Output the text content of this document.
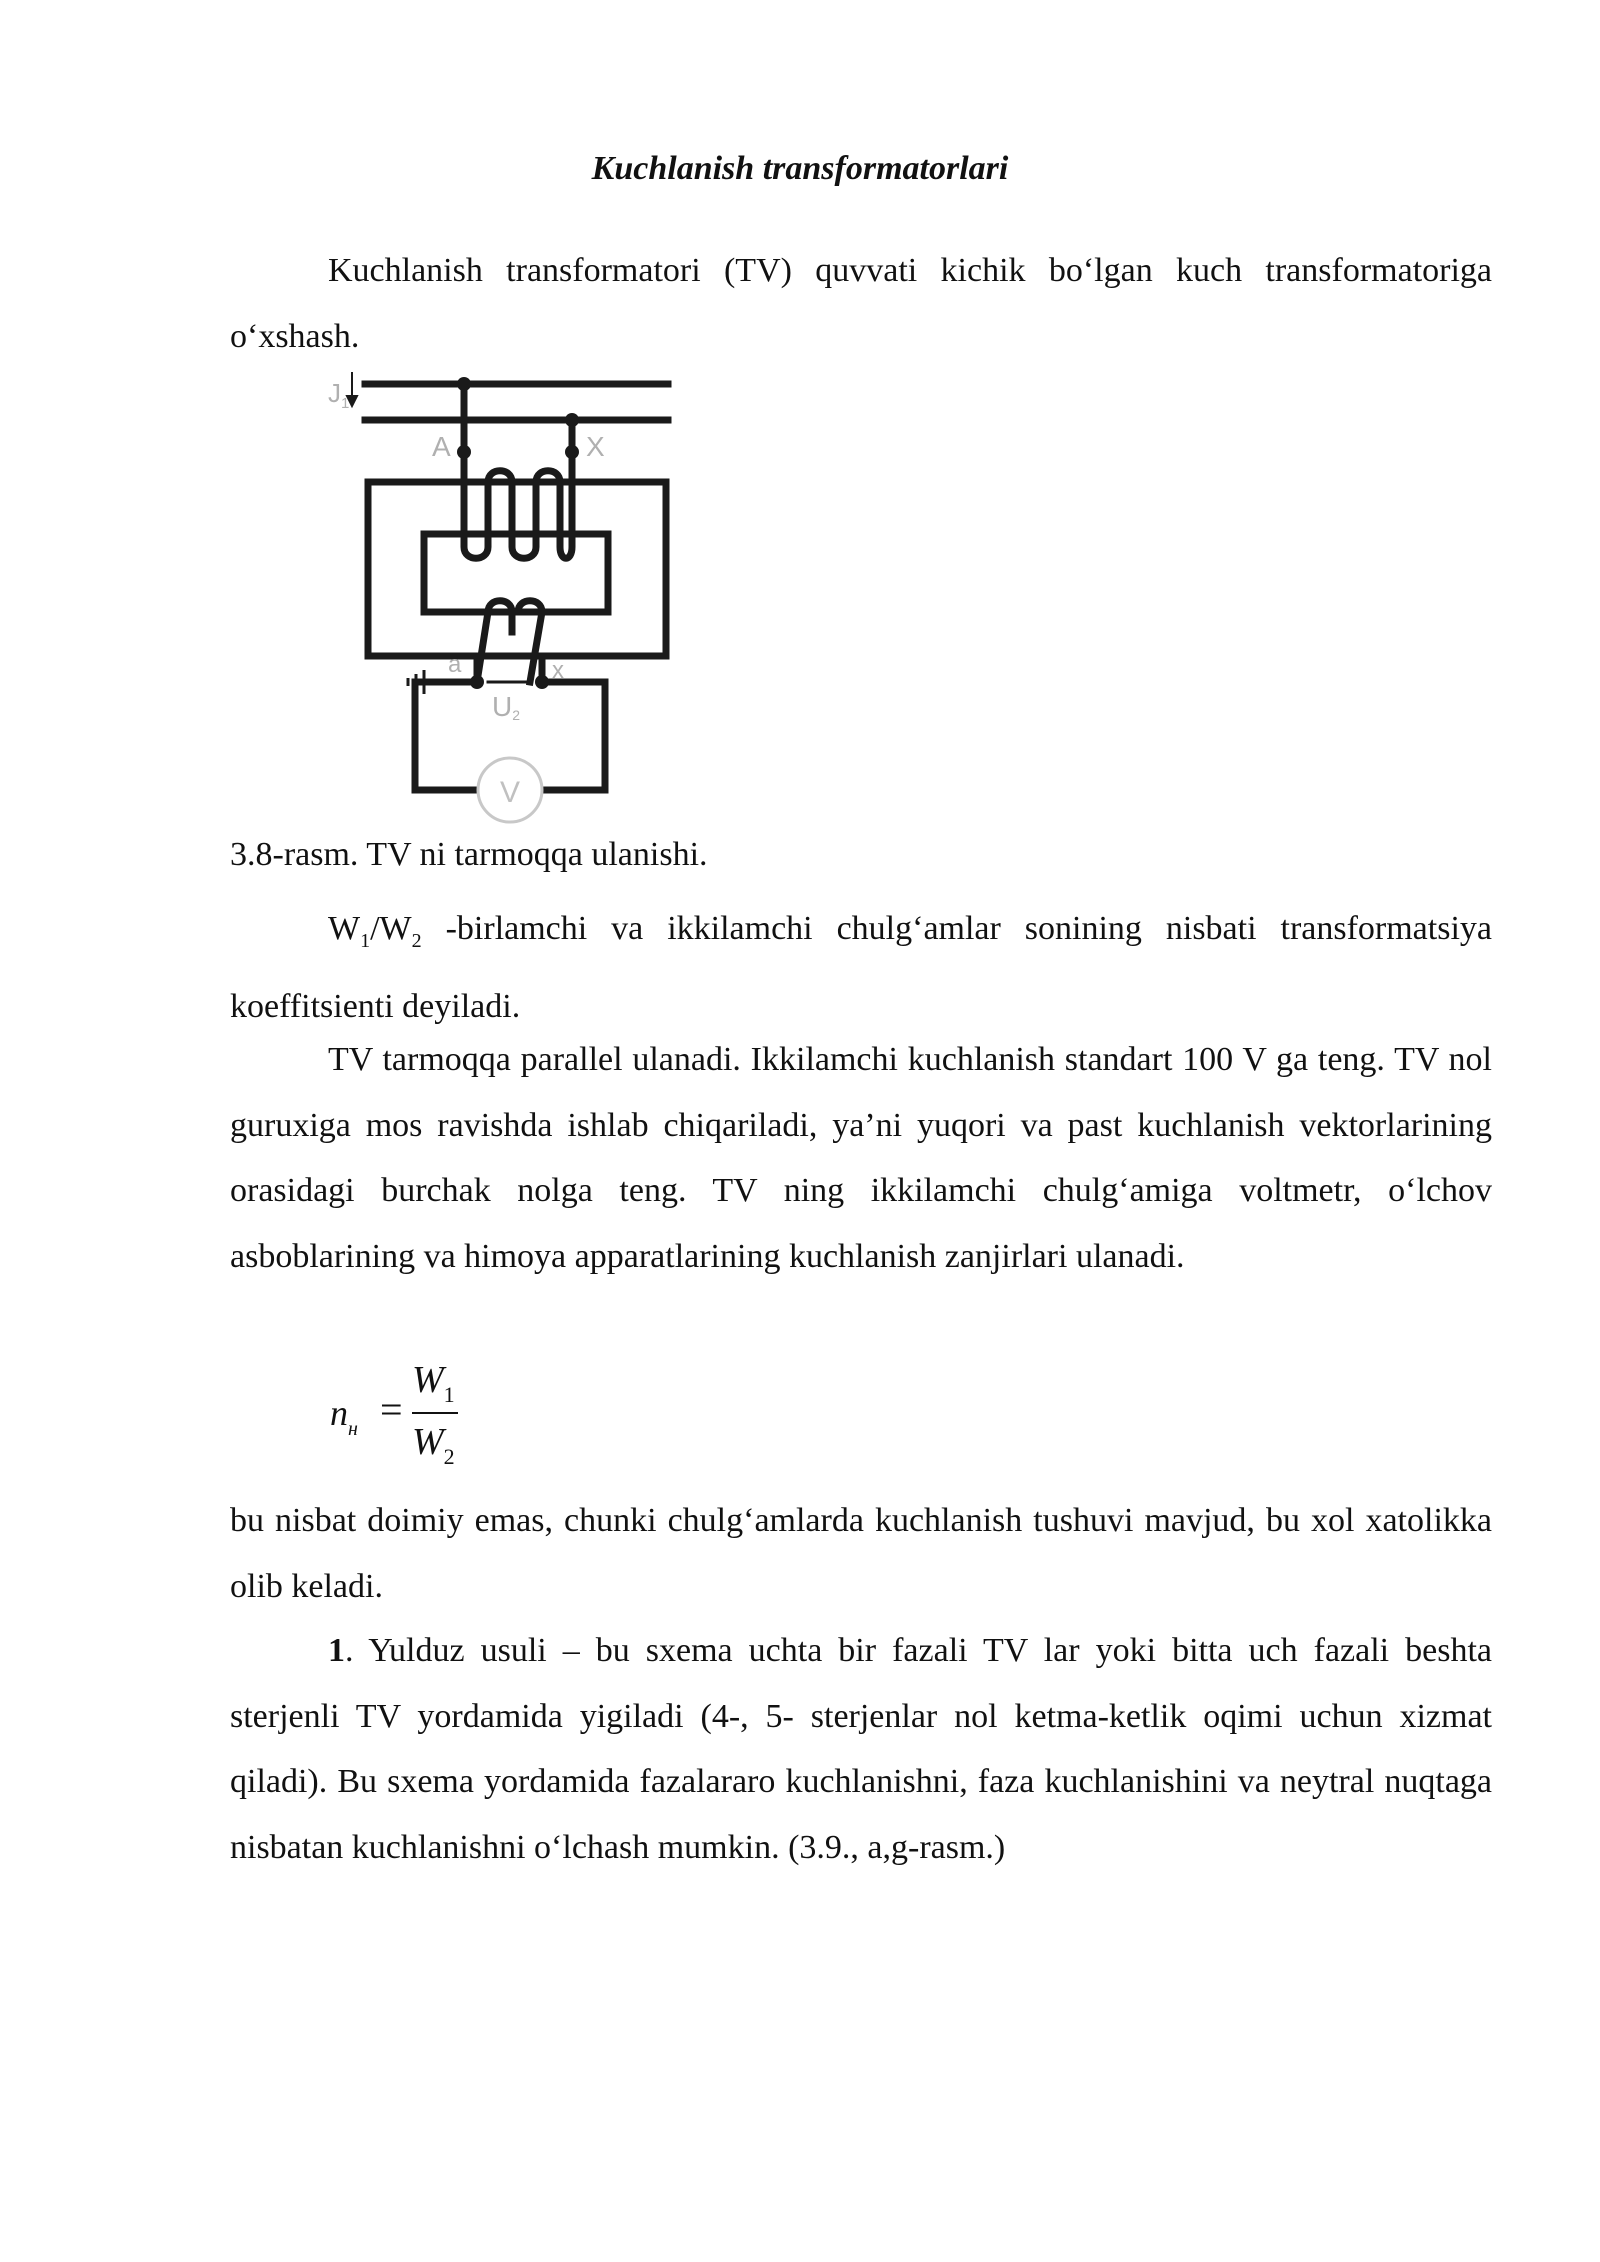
Kuchlanish transformatorlari

Kuchlanish transformatori (TV) quvvati kichik bo‘lgan kuch transformatoriga o‘xshash.

$J_1$
A	X
a	x
U2
V
3.8-rasm. TV ni tarmoqqa ulanishi.

$W_1/W_2$ -birlamchi va ikkilamchi chulg‘amlar sonining nisbati transformatsiya koeffitsienti deyiladi.

TV tarmoqqa parallel ulanadi. Ikkilamchi kuchlanish standart 100 V ga teng. TV nol guruxiga mos ravishda ishlab chiqariladi, ya’ni yuqori va past kuchlanish vektorlarining orasidagi burchak nolga teng. TV ning ikkilamchi chulg‘amiga voltmetr, o‘lchov asboblarining va himoya apparatlarining kuchlanish zanjirlari ulanadi.

$n_н$ =
$W_1$
$W_2$

bu nisbat doimiy emas, chunki chulg‘amlarda kuchlanish tushuvi mavjud, bu xol xatolikka olib keladi.

1. Yulduz usuli – bu sxema uchta bir fazali TV lar yoki bitta uch fazali beshta sterjenli TV yordamida yigiladi (4-, 5- sterjenlar nol ketma-ketlik oqimi uchun xizmat qiladi). Bu sxema yordamida fazalararo kuchlanishni, faza kuchlanishini va neytral nuqtaga nisbatan kuchlanishni o‘lchash mumkin. (3.9., a,g-rasm.)
